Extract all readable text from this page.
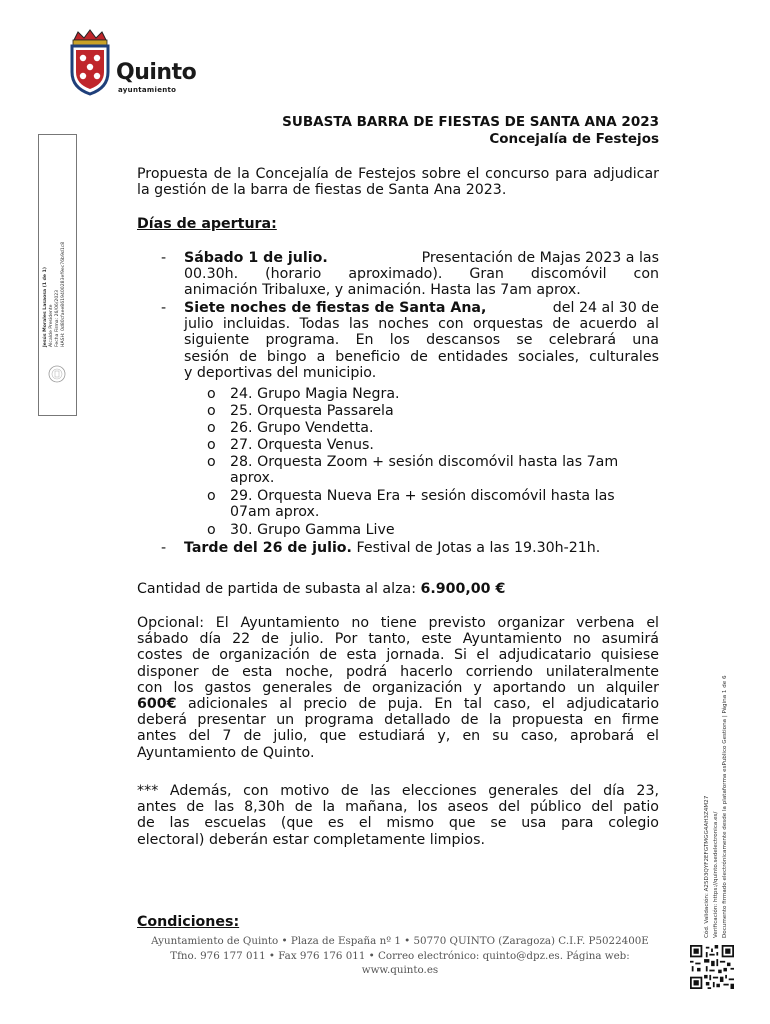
Quinto
ayuntamiento
SUBASTA BARRA DE FIESTAS DE SANTA ANA 2023
Concejalía de Festejos
Propuesta de la Concejalía de Festejos sobre el concurso para adjudicar la gestión de la barra de fiestas de Santa Ana 2023.
Días de apertura:
- Sábado 1 de julio.	Presentación de Majas 2023 a las
00.30h. (horario aproximado). Gran discomóvil con
animación Tribaluxe, y animación. Hasta las 7am aprox.
- Siete noches de fiestas de Santa Ana,	del 24 al 30 de
julio incluidas. Todas las noches con orquestas de acuerdo al
siguiente programa. En los descansos se celebrará una
sesión de bingo a beneficio de entidades sociales, culturales
y deportivas del municipio.
o 24. Grupo Magia Negra.
o 25. Orquesta Passarela
o 26. Grupo Vendetta.
o 27. Orquesta Venus.
o 28. Orquesta Zoom + sesión discomóvil hasta las 7am
aprox.
o 29. Orquesta Nueva Era + sesión discomóvil hasta las
07am aprox.
o 30. Grupo Gamma Live
- Tarde del 26 de julio. Festival de Jotas a las 19.30h-21h.
Cantidad de partida de subasta al alza: 6.900,00 €
Opcional: El Ayuntamiento no tiene previsto organizar verbena el
sábado día 22 de julio. Por tanto, este Ayuntamiento no asumirá
costes de organización de esta jornada. Si el adjudicatario quisiese
disponer de esta noche, podrá hacerlo corriendo unilateralmente
con los gastos generales de organización y aportando un alquiler
600€ adicionales al precio de puja. En tal caso, el adjudicatario
deberá presentar un programa detallado de la propuesta en firme
antes del 7 de julio, que estudiará y, en su caso, aprobará el
Ayuntamiento de Quinto.
*** Además, con motivo de las elecciones generales del día 23,
antes de las 8,30h de la mañana, los aseos del público del patio
de las escuelas (que es el mismo que se usa para colegio
electoral) deberán estar completamente limpios.
Condiciones:
Ayuntamiento de Quinto • Plaza de España nº 1 • 50770 QUINTO (Zaragoza) C.I.F. P5022400E
Tfno. 976 177 011 • Fax 976 176 011 • Correo electrónico: quinto@dpz.es. Página web:
www.quinto.es
Jesús Morales Lasaosa (1 de 1) Alcalde Presidente Fecha Firma: 26/06/2023 HASH: 0d80cfaee8619400283ef9ec76b9d1c8
Cód. Validación: A25D3QYF2EFGTMGG4AH3Z4M27 Verificación: https://quinto.sedelectronica.es/ Documento firmado electrónicamente desde la plataforma esPublico Gestiona | Página 1 de 6
